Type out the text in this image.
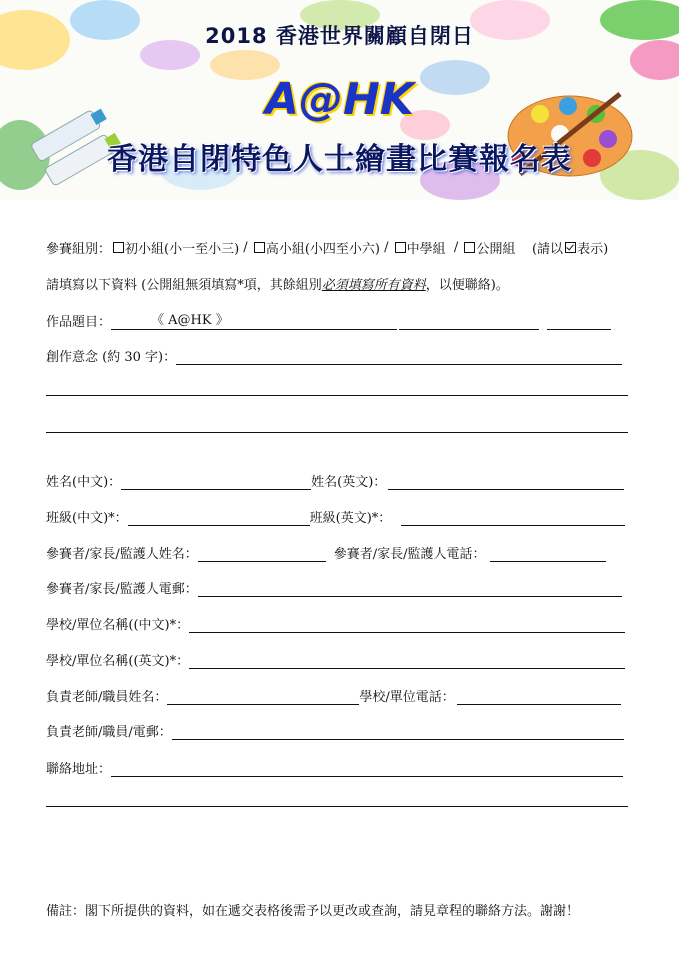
2018 香港世界關顧自閉日
A@HK
香港自閉特色人士繪畫比賽報名表
參賽組別： 初小組(小一至小三) / 高小組(小四至小六) / 中學組 / 公開組
(請以 表示)
請填寫以下資料 (公開組無須填寫*項，其餘組別 必須填寫所有資料 ，以便聯絡)。
作品題目：	《 A@HK 》
創作意念 (約 30 字)：
姓名(中文)：	姓名(英文)：
班級(中文)*：	班級(英文)*：
參賽者/家長/監護人姓名：	參賽者/家長/監護人電話：
參賽者/家長/監護人電郵：
學校/單位名稱((中文)*：
學校/單位名稱((英文)*：
負責老師/職員姓名：	學校/單位電話：
負責老師/職員/電郵：
聯絡地址：
備註：閣下所提供的資料，如在遞交表格後需予以更改或查詢，請見章程的聯絡方法。謝謝！
